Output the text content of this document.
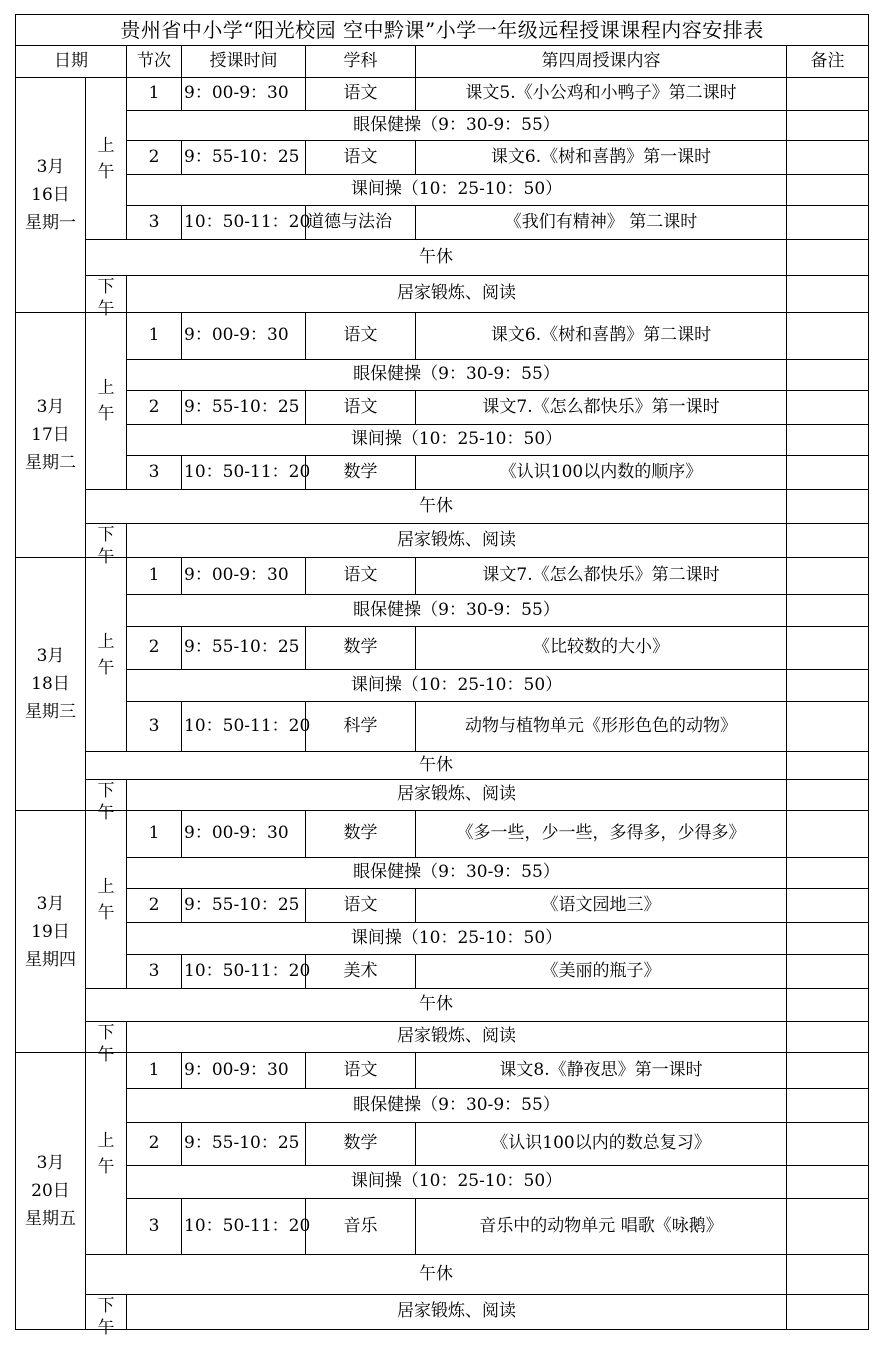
贵州省中小学“阳光校园 空中黔课”小学一年级远程授课课程内容安排表						
日期		节次	授课时间	学科	第四周授课内容	备注

3月16日
星期一	上午	1	9：00-9：30	语文	课文5.《小公鸡和小鸭子》第二课时	
		眼保健操（9：30-9：55）				
		2	9：55-10：25	语文	课文6.《树和喜鹊》第一课时	
		课间操（10：25-10：50）				
		3	10：50-11：20	道德与法治	《我们有精神》 第二课时	
	午休					

	下午	居家锻炼、阅读				

3月17日
星期二	上午	1	9：00-9：30	语文	课文6.《树和喜鹊》第二课时	
		眼保健操（9：30-9：55）				
		2	9：55-10：25	语文	课文7.《怎么都快乐》第一课时	
		课间操（10：25-10：50）				
		3	10：50-11：20	数学	《认识100以内数的顺序》	
	午休					

	下午	居家锻炼、阅读				

3月18日
星期三	上午	1	9：00-9：30	语文	课文7.《怎么都快乐》第二课时	
		眼保健操（9：30-9：55）				
		2	9：55-10：25	数学	《比较数的大小》	
		课间操（10：25-10：50）				
		3	10：50-11：20	科学	动物与植物单元《形形色色的动物》	
	午休					

	下午	居家锻炼、阅读				

3月19日
星期四	上午	1	9：00-9：30	数学	《多一些，少一些，多得多，少得多》	
		眼保健操（9：30-9：55）				
		2	9：55-10：25	语文	《语文园地三》	
		课间操（10：25-10：50）				
		3	10：50-11：20	美术	《美丽的瓶子》	
	午休					

	下午	居家锻炼、阅读				

3月20日
星期五	上午	1	9：00-9：30	语文	课文8.《静夜思》第一课时	
		眼保健操（9：30-9：55）				
		2	9：55-10：25	数学	《认识100以内的数总复习》	
		课间操（10：25-10：50）				
		3	10：50-11：20	音乐	音乐中的动物单元 唱歌《咏鹅》	
	午休					

	下午	居家锻炼、阅读				
